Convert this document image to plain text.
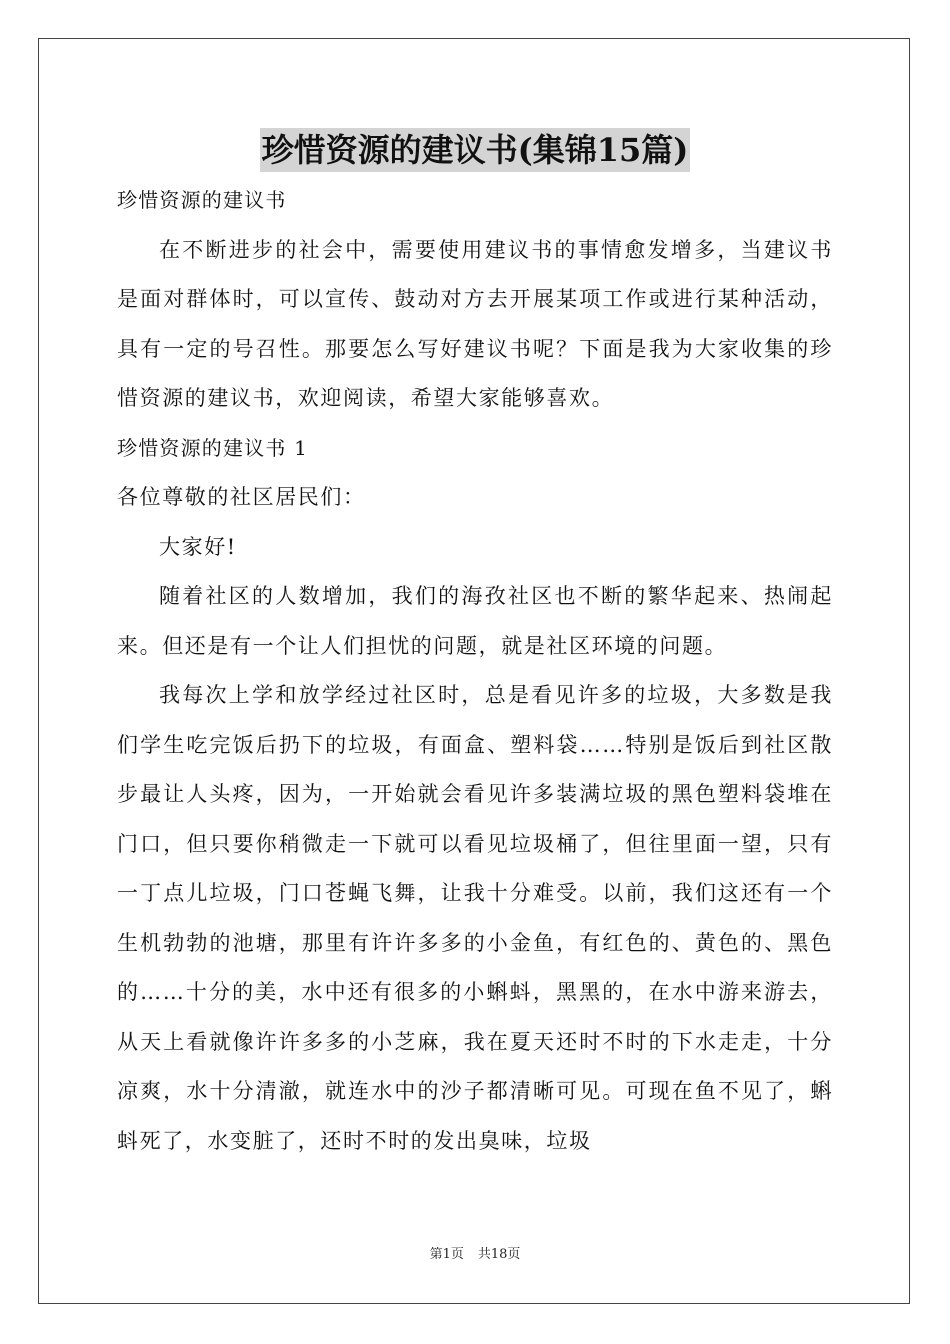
珍惜资源的建议书(集锦15篇)

珍惜资源的建议书

在不断进步的社会中，需要使用建议书的事情愈发增多，当建议书是面对群体时，可以宣传、鼓动对方去开展某项工作或进行某种活动，具有一定的号召性。那要怎么写好建议书呢？下面是我为大家收集的珍惜资源的建议书，欢迎阅读，希望大家能够喜欢。

珍惜资源的建议书 1

各位尊敬的社区居民们：

大家好!

随着社区的人数增加，我们的海孜社区也不断的繁华起来、热闹起来。但还是有一个让人们担忧的问题，就是社区环境的问题。

我每次上学和放学经过社区时，总是看见许多的垃圾，大多数是我们学生吃完饭后扔下的垃圾，有面盒、塑料袋……特别是饭后到社区散步最让人头疼，因为，一开始就会看见许多装满垃圾的黑色塑料袋堆在门口，但只要你稍微走一下就可以看见垃圾桶了，但往里面一望，只有一丁点儿垃圾，门口苍蝇飞舞，让我十分难受。以前，我们这还有一个生机勃勃的池塘，那里有许许多多的小金鱼，有红色的、黄色的、黑色的……十分的美，水中还有很多的小蝌蚪，黑黑的，在水中游来游去，从天上看就像许许多多的小芝麻，我在夏天还时不时的下水走走，十分凉爽，水十分清澈，就连水中的沙子都清晰可见。可现在鱼不见了，蝌蚪死了，水变脏了，还时不时的发出臭味，垃圾

第1页 共18页
